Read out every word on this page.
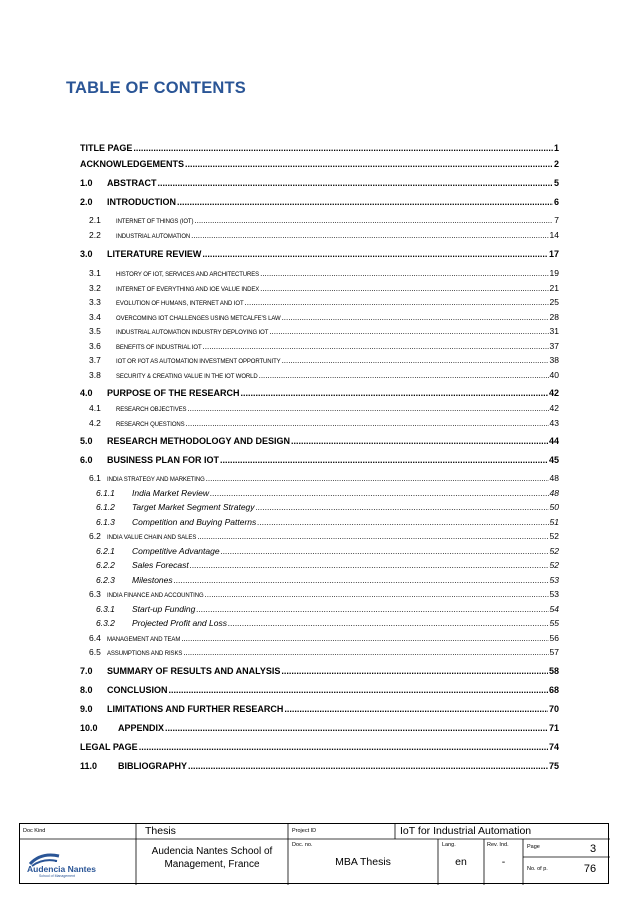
TABLE OF CONTENTS
TITLE PAGE .....	1
ACKNOWLEDGEMENTS .....	2
1.0	ABSTRACT .....	5
2.0	INTRODUCTION .....	6
2.1	INTERNET OF THINGS (IOT) .....	7
2.2	INDUSTRIAL AUTOMATION .....	14
3.0	LITERATURE REVIEW .....	17
3.1	HISTORY OF IOT, SERVICES AND ARCHITECTURES .....	19
3.2	INTERNET OF EVERYTHING AND IOE VALUE INDEX .....	21
3.3	EVOLUTION OF HUMANS, INTERNET AND IOT .....	25
3.4	OVERCOMING IOT CHALLENGES USING METCALFE'S LAW .....	28
3.5	INDUSTRIAL AUTOMATION INDUSTRY DEPLOYING IOT .....	31
3.6	BENEFITS OF INDUSTRIAL IOT .....	37
3.7	IOT OR I²OT AS AUTOMATION INVESTMENT OPPORTUNITY .....	38
3.8	SECURITY & CREATING VALUE IN THE IOT WORLD .....	40
4.0	PURPOSE OF THE RESEARCH .....	42
4.1	RESEARCH OBJECTIVES .....	42
4.2	RESEARCH QUESTIONS .....	43
5.0	RESEARCH METHODOLOGY AND DESIGN .....	44
6.0	BUSINESS PLAN FOR IOT .....	45
6.1	INDIA STRATEGY AND MARKETING .....	48
6.1.1	India Market Review .....	48
6.1.2	Target Market Segment Strategy .....	50
6.1.3	Competition and Buying Patterns .....	51
6.2	INDIA VALUE CHAIN AND SALES .....	52
6.2.1	Competitive Advantage .....	52
6.2.2	Sales Forecast .....	52
6.2.3	Milestones .....	53
6.3	INDIA FINANCE AND ACCOUNTING .....	53
6.3.1	Start-up Funding .....	54
6.3.2	Projected Profit and Loss .....	55
6.4	MANAGEMENT AND TEAM .....	56
6.5	ASSUMPTIONS AND RISKS .....	57
7.0	SUMMARY OF RESULTS AND ANALYSIS .....	58
8.0	CONCLUSION .....	68
9.0	LIMITATIONS AND FURTHER RESEARCH .....	70
10.0	APPENDIX .....	71
LEGAL PAGE .....	74
11.0	BIBLIOGRAPHY .....	75
Doc Kind	Thesis	Project ID	IoT for Industrial Automation
Audencia Nantes School of Management, France
Doc. no.
MBA Thesis
Lang.
en
Rev. Ind.
-
Page	3
No. of p.	76
Audencia Nantes
School of Management
